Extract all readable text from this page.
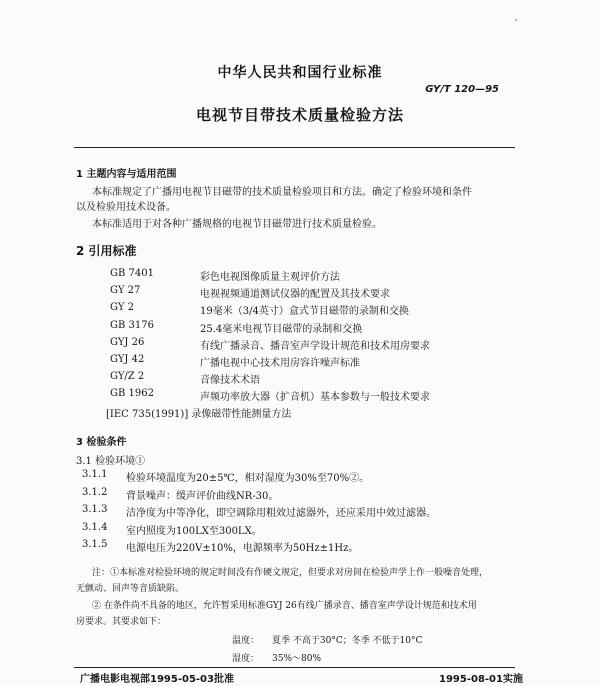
'
中华人民共和国行业标准
GY/T 120—95
电视节目带技术质量检验方法
1 主题内容与适用范围
本标准规定了广播用电视节目磁带的技术质量检验项目和方法。确定了检验环境和条件
以及检验用技术设备。
本标准适用于对各种广播规格的电视节目磁带进行技术质量检验。
2 引用标准
GB 7401	彩色电视图像质量主观评价方法
GY 27	电视视频通道测试仪器的配置及其技术要求
GY 2	19毫米（3/4英寸）盒式节目磁带的录制和交换
GB 3176	25.4毫米电视节目磁带的录制和交换
GYJ 26	有线广播录音、播音室声学设计规范和技术用房要求
GYJ 42	广播电视中心技术用房容许噪声标准
GY/Z 2	音像技术术语
GB 1962	声频功率放大器（扩音机）基本参数与一般技术要求
[IEC 735(1991)] 录像磁带性能测量方法
3 检验条件
3.1 检验环境①
3.1.1 检验环境温度为20±5℃，相对湿度为30%至70%②。
3.1.2 背景噪声：缓声评价曲线NR-30。
3.1.3 洁净度为中等净化，即空调除用粗效过滤器外，还应采用中效过滤器。
3.1.4 室内照度为100LX至300LX。
3.1.5 电源电压为220V±10%，电源频率为50Hz±1Hz。
注：①本标准对检验环境的规定时间没有作硬文规定，但要求对房间在检验声学上作一般噪音处理，
无颤动、回声等音质缺陷。
② 在条件尚不具备的地区，允许暂采用标准GYJ 26有线广播录音、播音室声学设计规范和技术用
房要求。其要求如下：
温度： 夏季 不高于30°C；冬季 不低于10°C
湿度： 35%～80%
广播电影电视部1995-05-03批准	1995-08-01实施
